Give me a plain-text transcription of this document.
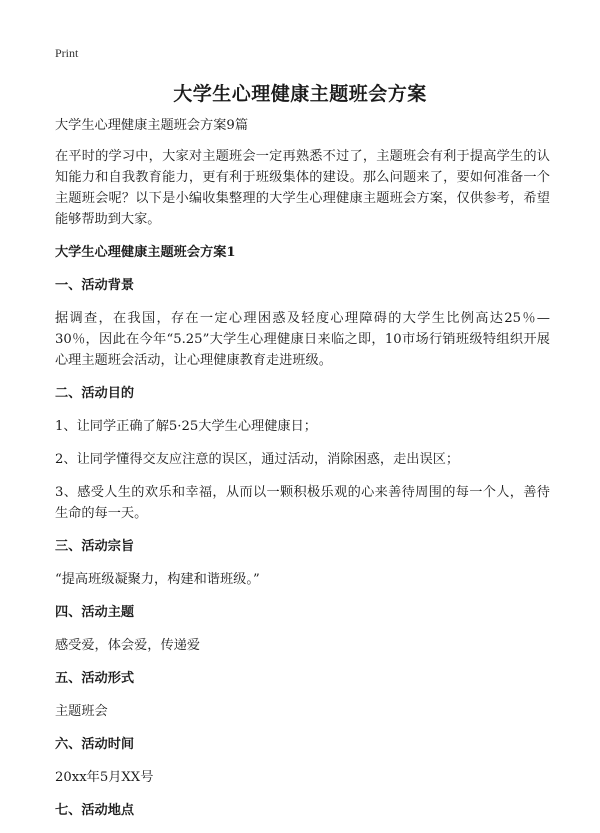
Print
大学生心理健康主题班会方案

大学生心理健康主题班会方案9篇

在平时的学习中，大家对主题班会一定再熟悉不过了，主题班会有利于提高学生的认知能力和自我教育能力，更有利于班级集体的建设。那么问题来了，要如何准备一个主题班会呢？以下是小编收集整理的大学生心理健康主题班会方案，仅供参考，希望能够帮助到大家。

大学生心理健康主题班会方案1

一、活动背景

据调查，在我国，存在一定心理困惑及轻度心理障碍的大学生比例高达25％—30％，因此在今年“5.25”大学生心理健康日来临之即，10市场行销班级特组织开展心理主题班会活动，让心理健康教育走进班级。

二、活动目的

1、让同学正确了解5·25大学生心理健康日；

2、让同学懂得交友应注意的误区，通过活动，消除困惑，走出误区；

3、感受人生的欢乐和幸福，从而以一颗积极乐观的心来善待周围的每一个人，善待生命的每一天。

三、活动宗旨

“提高班级凝聚力，构建和谐班级。”

四、活动主题

感受爱，体会爱，传递爱

五、活动形式

主题班会

六、活动时间

20xx年5月XX号

七、活动地点
